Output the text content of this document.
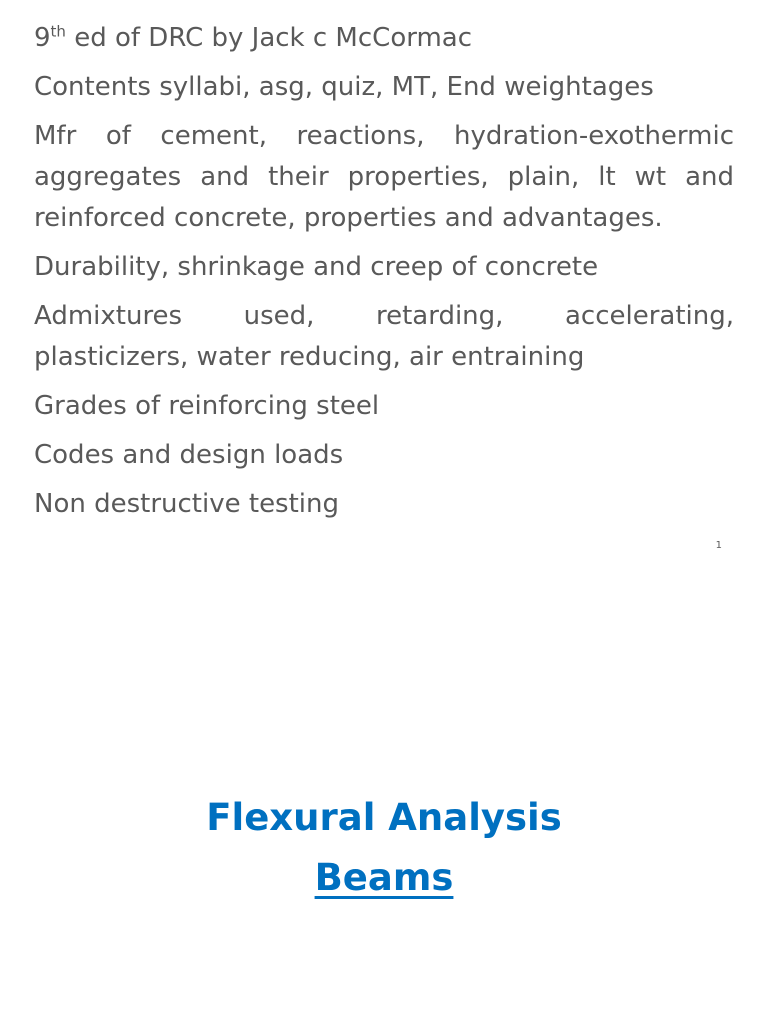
9th ed of DRC by Jack c McCormac
Contents syllabi, asg, quiz, MT, End weightages
Mfr of cement, reactions, hydration-exothermic aggregates and their properties, plain, lt wt and reinforced concrete, properties and advantages.
Durability, shrinkage and creep of concrete
Admixtures used, retarding, accelerating, plasticizers, water reducing, air entraining
Grades of reinforcing steel
Codes and design loads
Non destructive testing
1
Flexural Analysis
Beams
